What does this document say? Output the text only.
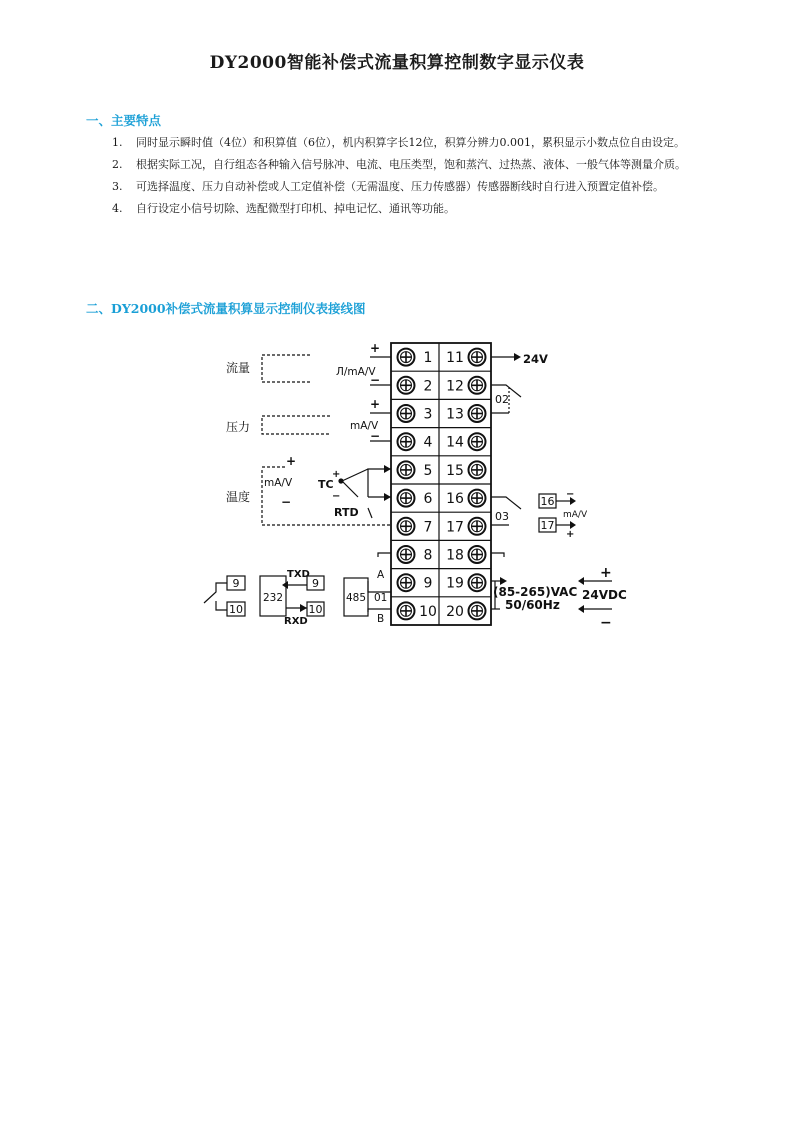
DY2000智能补偿式流量积算控制数字显示仪表
一、主要特点
1. 同时显示瞬时值（4位）和积算值（6位），机内积算字长12位，积算分辨力0.001，累积显示小数点位自由设定。
2. 根据实际工况，自行组态各种输入信号脉冲、电流、电压类型，饱和蒸汽、过热蒸、液体、一般气体等测量介质。
3. 可选择温度、压力自动补偿或人工定值补偿（无需温度、压力传感器）传感器断线时自行进入预置定值补偿。
4. 自行设定小信号切除、选配微型打印机、掉电记忆、通讯等功能。
二、DY2000补偿式流量积算显示控制仪表接线图
1 11
2 12
3 13
4 14
5 15
6 16
7 17
8 18
9 19
10 20
流量
压力
温度
+
−
Л/mA/V
+
−
mA/V
+
mA/V
−
+
TC
−
RTD
24V
02
03
16
17
mA/V
−
+
A
01
B
485
232
TXD
RXD
9
10
9
10
(85-265)VAC
50/60Hz
24VDC
+
−
